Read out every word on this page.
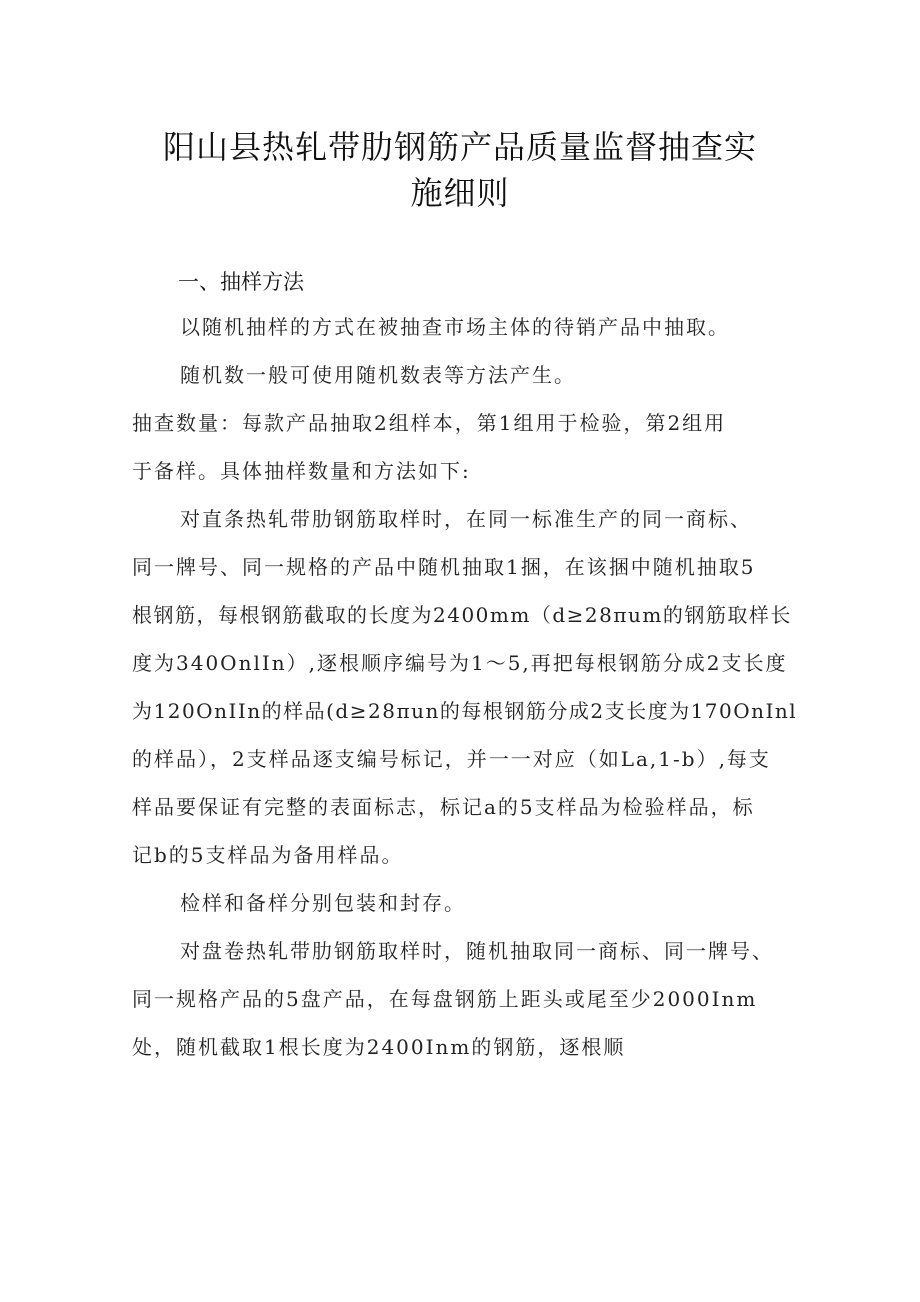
阳山县热轧带肋钢筋产品质量监督抽查实
施细则
一、抽样方法
以随机抽样的方式在被抽查市场主体的待销产品中抽取。
随机数一般可使用随机数表等方法产生。
抽查数量：每款产品抽取2组样本，第1组用于检验，第2组用
于备样。具体抽样数量和方法如下:
对直条热轧带肋钢筋取样时，在同一标准生产的同一商标、
同一牌号、同一规格的产品中随机抽取1捆，在该捆中随机抽取5
根钢筋，每根钢筋截取的长度为2400mm（d≥28πum的钢筋取样长
度为340OnlIn）,逐根顺序编号为1～5,再把每根钢筋分成2支长度
为120OnIIn的样品(d≥28πun的每根钢筋分成2支长度为170OnInl
的样品），2支样品逐支编号标记，并一一对应（如La,1-b）,每支
样品要保证有完整的表面标志，标记a的5支样品为检验样品，标
记b的5支样品为备用样品。
检样和备样分别包装和封存。
对盘卷热轧带肋钢筋取样时，随机抽取同一商标、同一牌号、
同一规格产品的5盘产品，在每盘钢筋上距头或尾至少2000Inm
处，随机截取1根长度为2400Inm的钢筋，逐根顺
